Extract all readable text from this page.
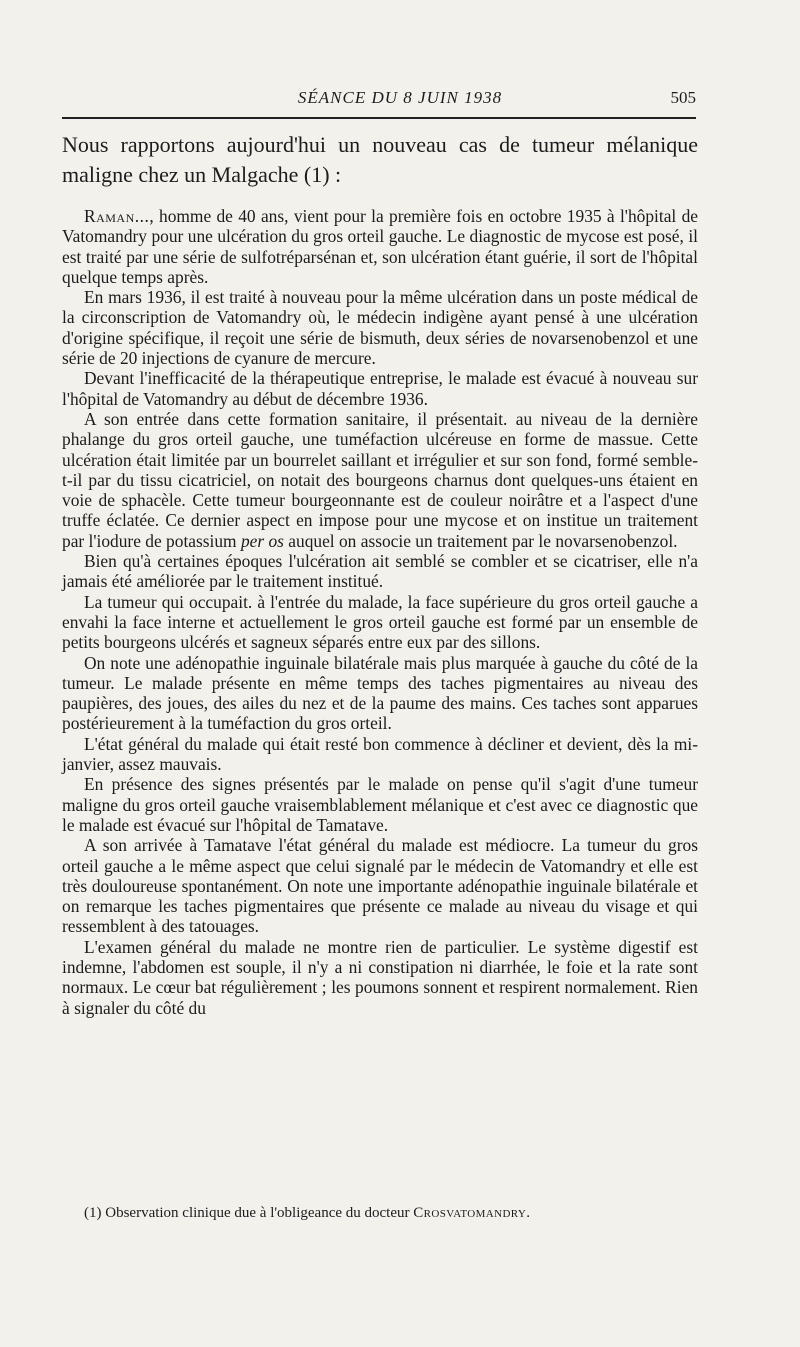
SÉANCE DU 8 JUIN 1938	505

Nous rapportons aujourd'hui un nouveau cas de tumeur mélanique maligne chez un Malgache (1) :

Raman..., homme de 40 ans, vient pour la première fois en octobre 1935 à l'hôpital de Vatomandry pour une ulcération du gros orteil gauche. Le diagnostic de mycose est posé, il est traité par une série de sulfotréparsénan et, son ulcération étant guérie, il sort de l'hôpital quelque temps après.

En mars 1936, il est traité à nouveau pour la même ulcération dans un poste médical de la circonscription de Vatomandry où, le médecin indigène ayant pensé à une ulcération d'origine spécifique, il reçoit une série de bismuth, deux séries de novarsenobenzol et une série de 20 injections de cyanure de mercure.

Devant l'inefficacité de la thérapeutique entreprise, le malade est évacué à nouveau sur l'hôpital de Vatomandry au début de décembre 1936.

A son entrée dans cette formation sanitaire, il présentait. au niveau de la dernière phalange du gros orteil gauche, une tuméfaction ulcéreuse en forme de massue. Cette ulcération était limitée par un bourrelet saillant et irrégulier et sur son fond, formé semble-t-il par du tissu cicatriciel, on notait des bourgeons charnus dont quelques-uns étaient en voie de sphacèle. Cette tumeur bourgeonnante est de couleur noirâtre et a l'aspect d'une truffe éclatée. Ce dernier aspect en impose pour une mycose et on institue un traitement par l'iodure de potassium per os auquel on associe un traitement par le novarsenobenzol.

Bien qu'à certaines époques l'ulcération ait semblé se combler et se cicatriser, elle n'a jamais été améliorée par le traitement institué.

La tumeur qui occupait. à l'entrée du malade, la face supérieure du gros orteil gauche a envahi la face interne et actuellement le gros orteil gauche est formé par un ensemble de petits bourgeons ulcérés et sagneux séparés entre eux par des sillons.

On note une adénopathie inguinale bilatérale mais plus marquée à gauche du côté de la tumeur. Le malade présente en même temps des taches pigmentaires au niveau des paupières, des joues, des ailes du nez et de la paume des mains. Ces taches sont apparues postérieurement à la tuméfaction du gros orteil.

L'état général du malade qui était resté bon commence à décliner et devient, dès la mi-janvier, assez mauvais.

En présence des signes présentés par le malade on pense qu'il s'agit d'une tumeur maligne du gros orteil gauche vraisemblablement mélanique et c'est avec ce diagnostic que le malade est évacué sur l'hôpital de Tamatave.

A son arrivée à Tamatave l'état général du malade est médiocre. La tumeur du gros orteil gauche a le même aspect que celui signalé par le médecin de Vatomandry et elle est très douloureuse spontanément. On note une importante adénopathie inguinale bilatérale et on remarque les taches pigmentaires que présente ce malade au niveau du visage et qui ressemblent à des tatouages.

L'examen général du malade ne montre rien de particulier. Le système digestif est indemne, l'abdomen est souple, il n'y a ni constipation ni diarrhée, le foie et la rate sont normaux. Le cœur bat régulièrement ; les poumons sonnent et respirent normalement. Rien à signaler du côté du

(1) Observation clinique due à l'obligeance du docteur Crosvatomandry.
